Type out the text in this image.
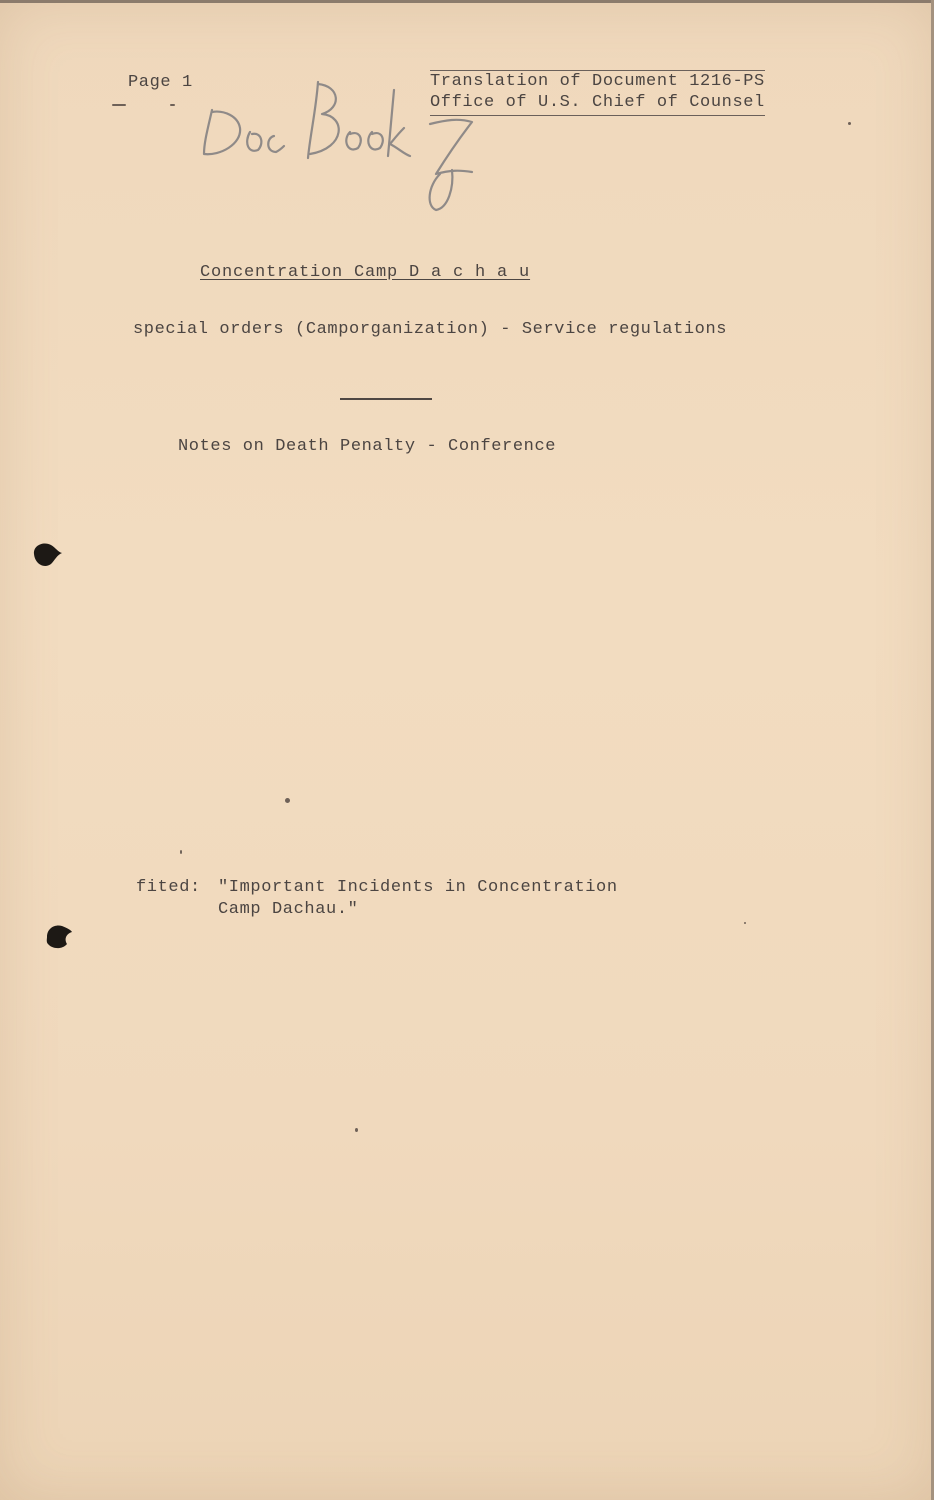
Page 1	Translation of Document 1216-PS
Office of U.S. Chief of Counsel
Concentration Camp D a c h a u
special orders (Camporganization) - Service regulations
Notes on Death Penalty - Conference
fited: "Important Incidents in Concentration
Camp Dachau."
